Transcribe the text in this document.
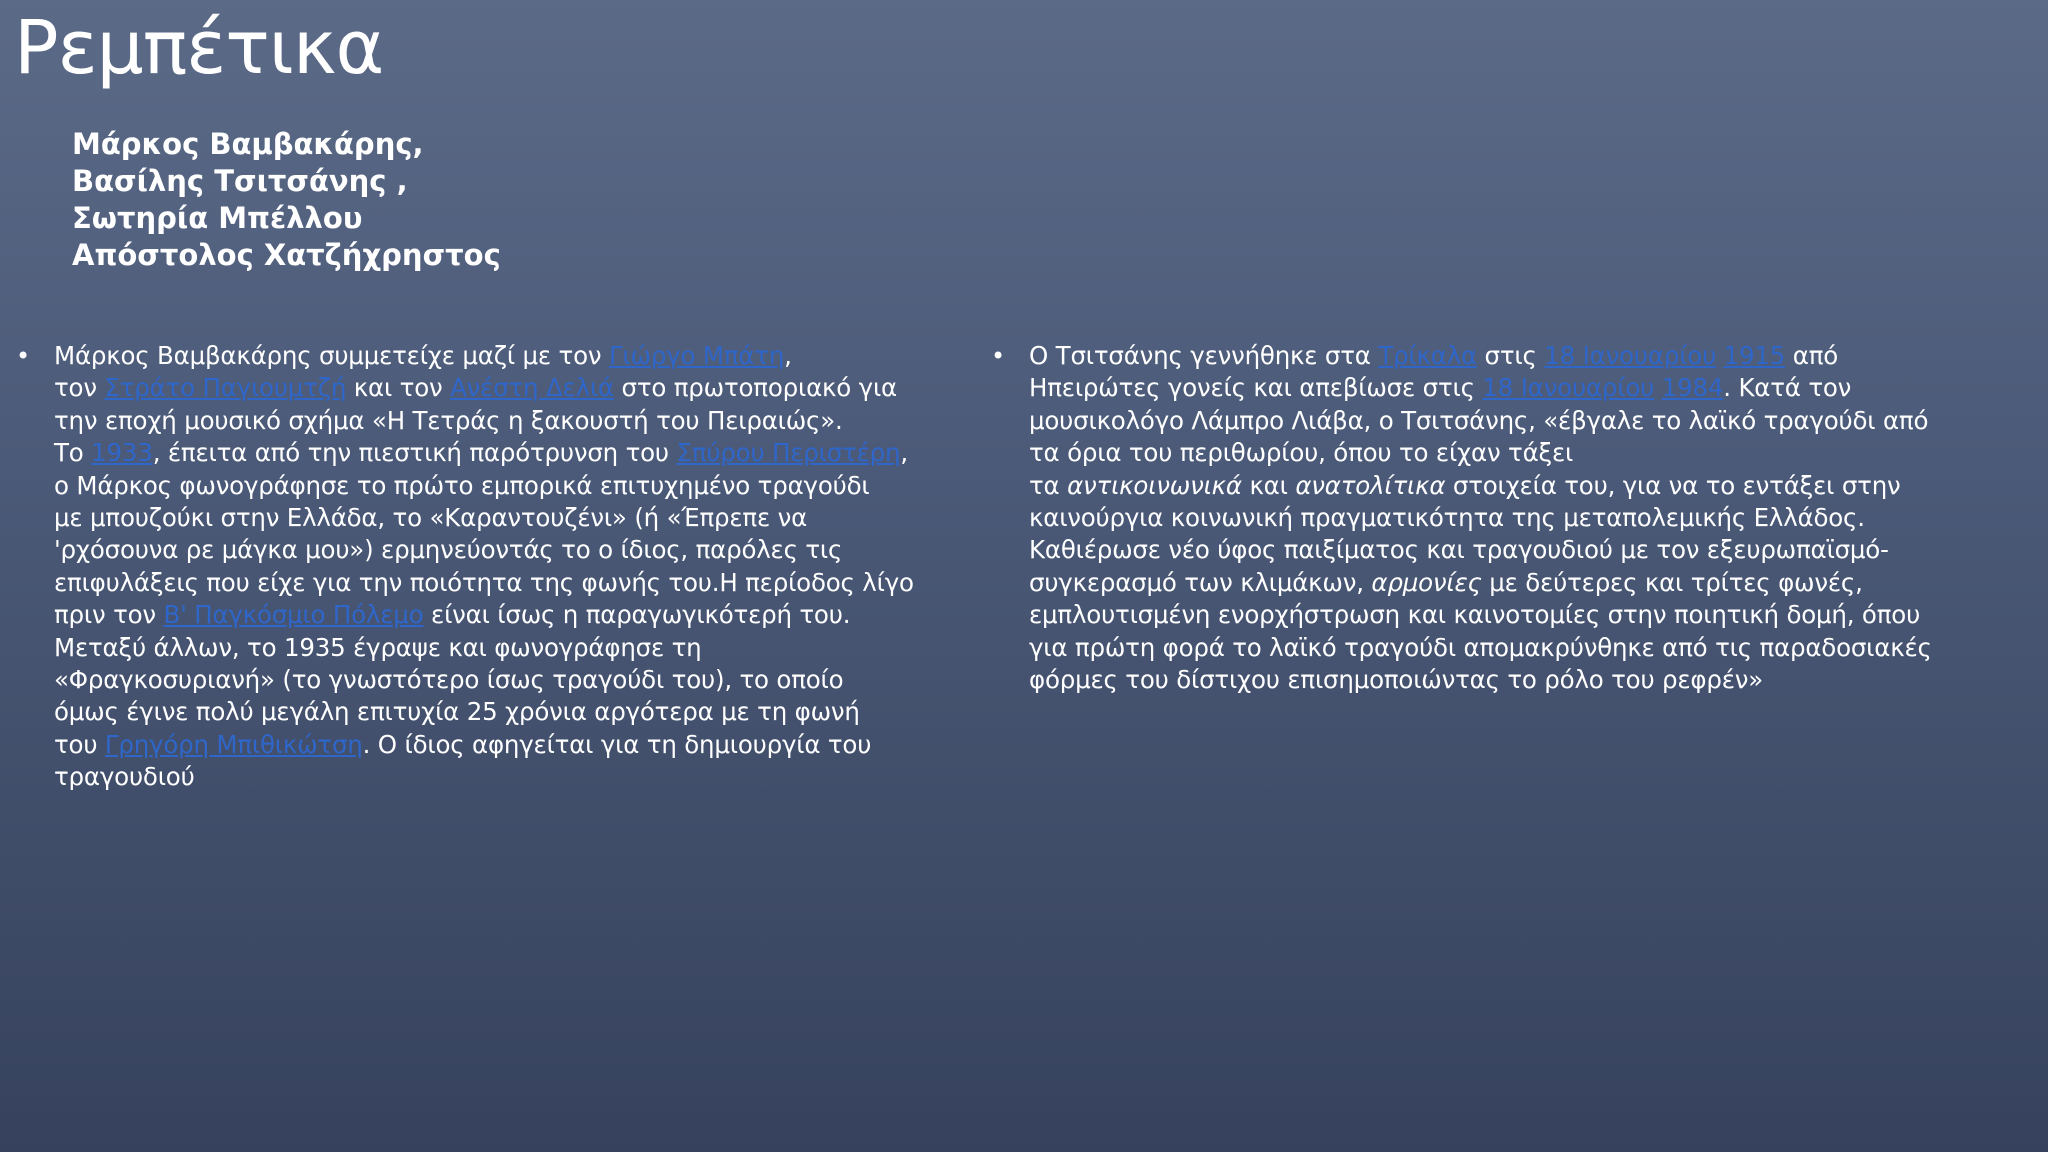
Ρεμπέτικα
Μάρκος Βαμβακάρης,
Βασίλης Τσιτσάνης ,
Σωτηρία Μπέλλου
Απόστολος Χατζήχρηστος
• Μάρκος Βαμβακάρης συμμετείχε μαζί με τον Γιώργο Μπάτη,
τον Στράτο Παγιουμτζή και τον Ανέστη Δελιά στο πρωτοποριακό για
την εποχή μουσικό σχήμα «Η Τετράς η ξακουστή του Πειραιώς».
Το 1933, έπειτα από την πιεστική παρότρυνση του Σπύρου Περιστέρη,
ο Μάρκος φωνογράφησε το πρώτο εμπορικά επιτυχημένο τραγούδι
με μπουζούκι στην Ελλάδα, το «Καραντουζένι» (ή «Έπρεπε να
'ρχόσουνα ρε μάγκα μου») ερμηνεύοντάς το ο ίδιος, παρόλες τις
επιφυλάξεις που είχε για την ποιότητα της φωνής του.Η περίοδος λίγο
πριν τον Β' Παγκόσμιο Πόλεμο είναι ίσως η παραγωγικότερή του.
Μεταξύ άλλων, το 1935 έγραψε και φωνογράφησε τη
«Φραγκοσυριανή» (το γνωστότερο ίσως τραγούδι του), το οποίο
όμως έγινε πολύ μεγάλη επιτυχία 25 χρόνια αργότερα με τη φωνή
του Γρηγόρη Μπιθικώτση. Ο ίδιος αφηγείται για τη δημιουργία του
τραγουδιού
• Ο Τσιτσάνης γεννήθηκε στα Τρίκαλα στις 18 Ιανουαρίου 1915 από
Ηπειρώτες γονείς και απεβίωσε στις 18 Ιανουαρίου 1984. Κατά τον
μουσικολόγο Λάμπρο Λιάβα, ο Τσιτσάνης, «έβγαλε το λαϊκό τραγούδι από
τα όρια του περιθωρίου, όπου το είχαν τάξει
τα αντικοινωνικά και ανατολίτικα στοιχεία του, για να το εντάξει στην
καινούργια κοινωνική πραγματικότητα της μεταπολεμικής Ελλάδος.
Καθιέρωσε νέο ύφος παιξίματος και τραγουδιού με τον εξευρωπαϊσμό-
συγκερασμό των κλιμάκων, αρμονίες με δεύτερες και τρίτες φωνές,
εμπλουτισμένη ενορχήστρωση και καινοτομίες στην ποιητική δομή, όπου
για πρώτη φορά το λαϊκό τραγούδι απομακρύνθηκε από τις παραδοσιακές
φόρμες του δίστιχου επισημοποιώντας το ρόλο του ρεφρέν»
